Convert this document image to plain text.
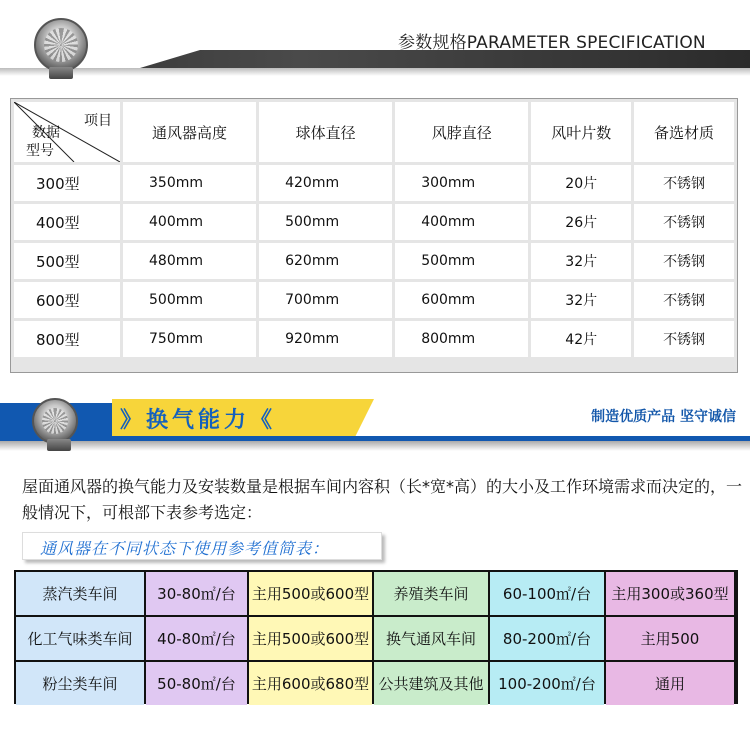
参数规格PARAMETER SPECIFICATION
项目
数据
型号	通风器高度	球体直径	风脖直径	风叶片数	备选材质
300型	350mm	420mm	300mm	20片	不锈钢
400型	400mm	500mm	400mm	26片	不锈钢
500型	480mm	620mm	500mm	32片	不锈钢
600型	500mm	700mm	600mm	32片	不锈钢
800型	750mm	920mm	800mm	42片	不锈钢
》换气能力《	制造优质产品 坚守诚信

屋面通风器的换气能力及安装数量是根据车间内容积（长*宽*高）的大小及工作环境需求而决定的，一般情况下，可根部下表参考选定：

通风器在不同状态下使用参考值简表：
蒸汽类车间	30-80㎡/台	主用500或600型	养殖类车间	60-100㎡/台	主用300或360型
化工气味类车间	40-80㎡/台	主用500或600型	换气通风车间	80-200㎡/台	主用500
粉尘类车间	50-80㎡/台	主用600或680型	公共建筑及其他	100-200㎡/台	通用
